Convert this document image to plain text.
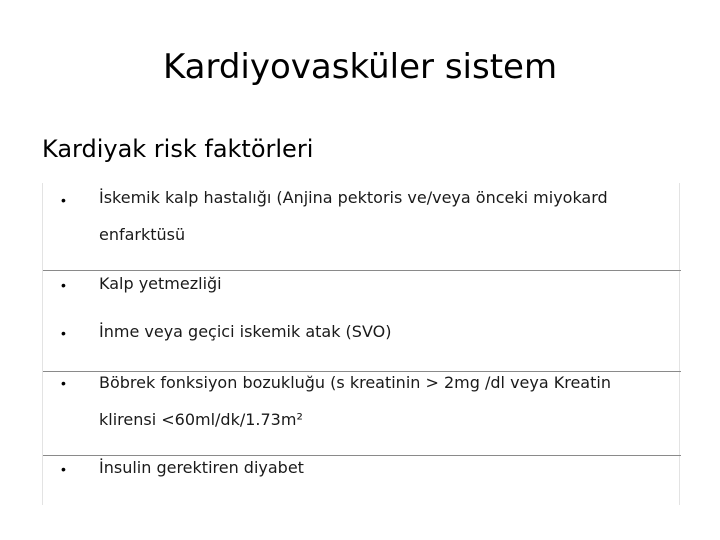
Kardiyovasküler sistem
Kardiyak risk faktörleri
• İskemik kalp hastalığı (Anjina pektoris ve/veya önceki miyokard enfarktüsü
• Kalp yetmezliği
• İnme veya geçici iskemik atak (SVO)
• Böbrek fonksiyon bozukluğu (s kreatinin > 2mg /dl veya Kreatin klirensi <60ml/dk/1.73m²
• İnsulin gerektiren diyabet
